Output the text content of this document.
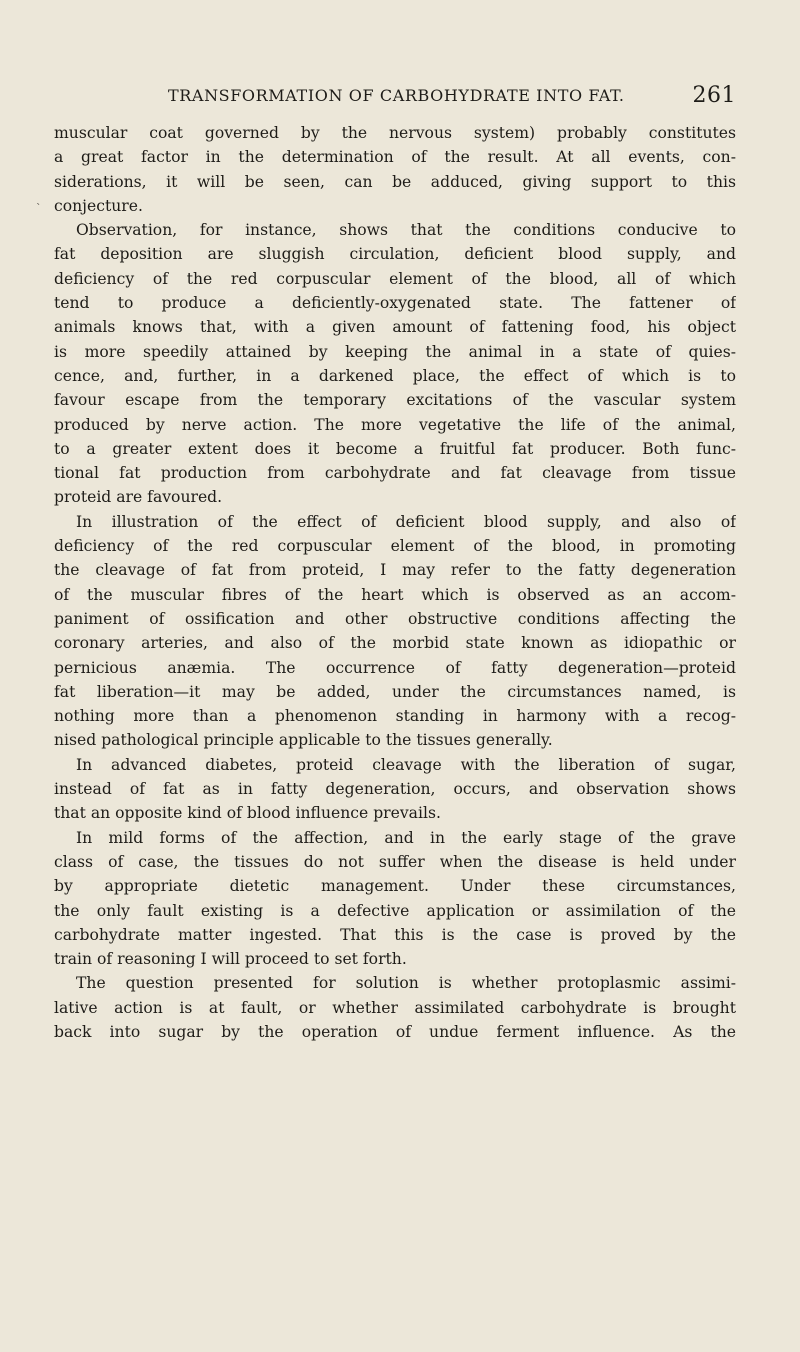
TRANSFORMATION OF CARBOHYDRATE INTO FAT.	261
ˋ

muscular coat governed by the nervous system) probably constitutes
a great factor in the determination of the result. At all events, con-
siderations, it will be seen, can be adduced, giving support to this
conjecture.

Observation, for instance, shows that the conditions conducive to
fat deposition are sluggish circulation, deficient blood supply, and
deficiency of the red corpuscular element of the blood, all of which
tend to produce a deficiently-oxygenated state. The fattener of
animals knows that, with a given amount of fattening food, his object
is more speedily attained by keeping the animal in a state of quies-
cence, and, further, in a darkened place, the effect of which is to
favour escape from the temporary excitations of the vascular system
produced by nerve action. The more vegetative the life of the animal,
to a greater extent does it become a fruitful fat producer. Both func-
tional fat production from carbohydrate and fat cleavage from tissue
proteid are favoured.

In illustration of the effect of deficient blood supply, and also of
deficiency of the red corpuscular element of the blood, in promoting
the cleavage of fat from proteid, I may refer to the fatty degeneration
of the muscular fibres of the heart which is observed as an accom-
paniment of ossification and other obstructive conditions affecting the
coronary arteries, and also of the morbid state known as idiopathic or
pernicious anæmia. The occurrence of fatty degeneration—proteid
fat liberation—it may be added, under the circumstances named, is
nothing more than a phenomenon standing in harmony with a recog-
nised pathological principle applicable to the tissues generally.

In advanced diabetes, proteid cleavage with the liberation of sugar,
instead of fat as in fatty degeneration, occurs, and observation shows
that an opposite kind of blood influence prevails.

In mild forms of the affection, and in the early stage of the grave
class of case, the tissues do not suffer when the disease is held under
by appropriate dietetic management. Under these circumstances,
the only fault existing is a defective application or assimilation of the
carbohydrate matter ingested. That this is the case is proved by the
train of reasoning I will proceed to set forth.

The question presented for solution is whether protoplasmic assimi-
lative action is at fault, or whether assimilated carbohydrate is brought
back into sugar by the operation of undue ferment influence. As the
